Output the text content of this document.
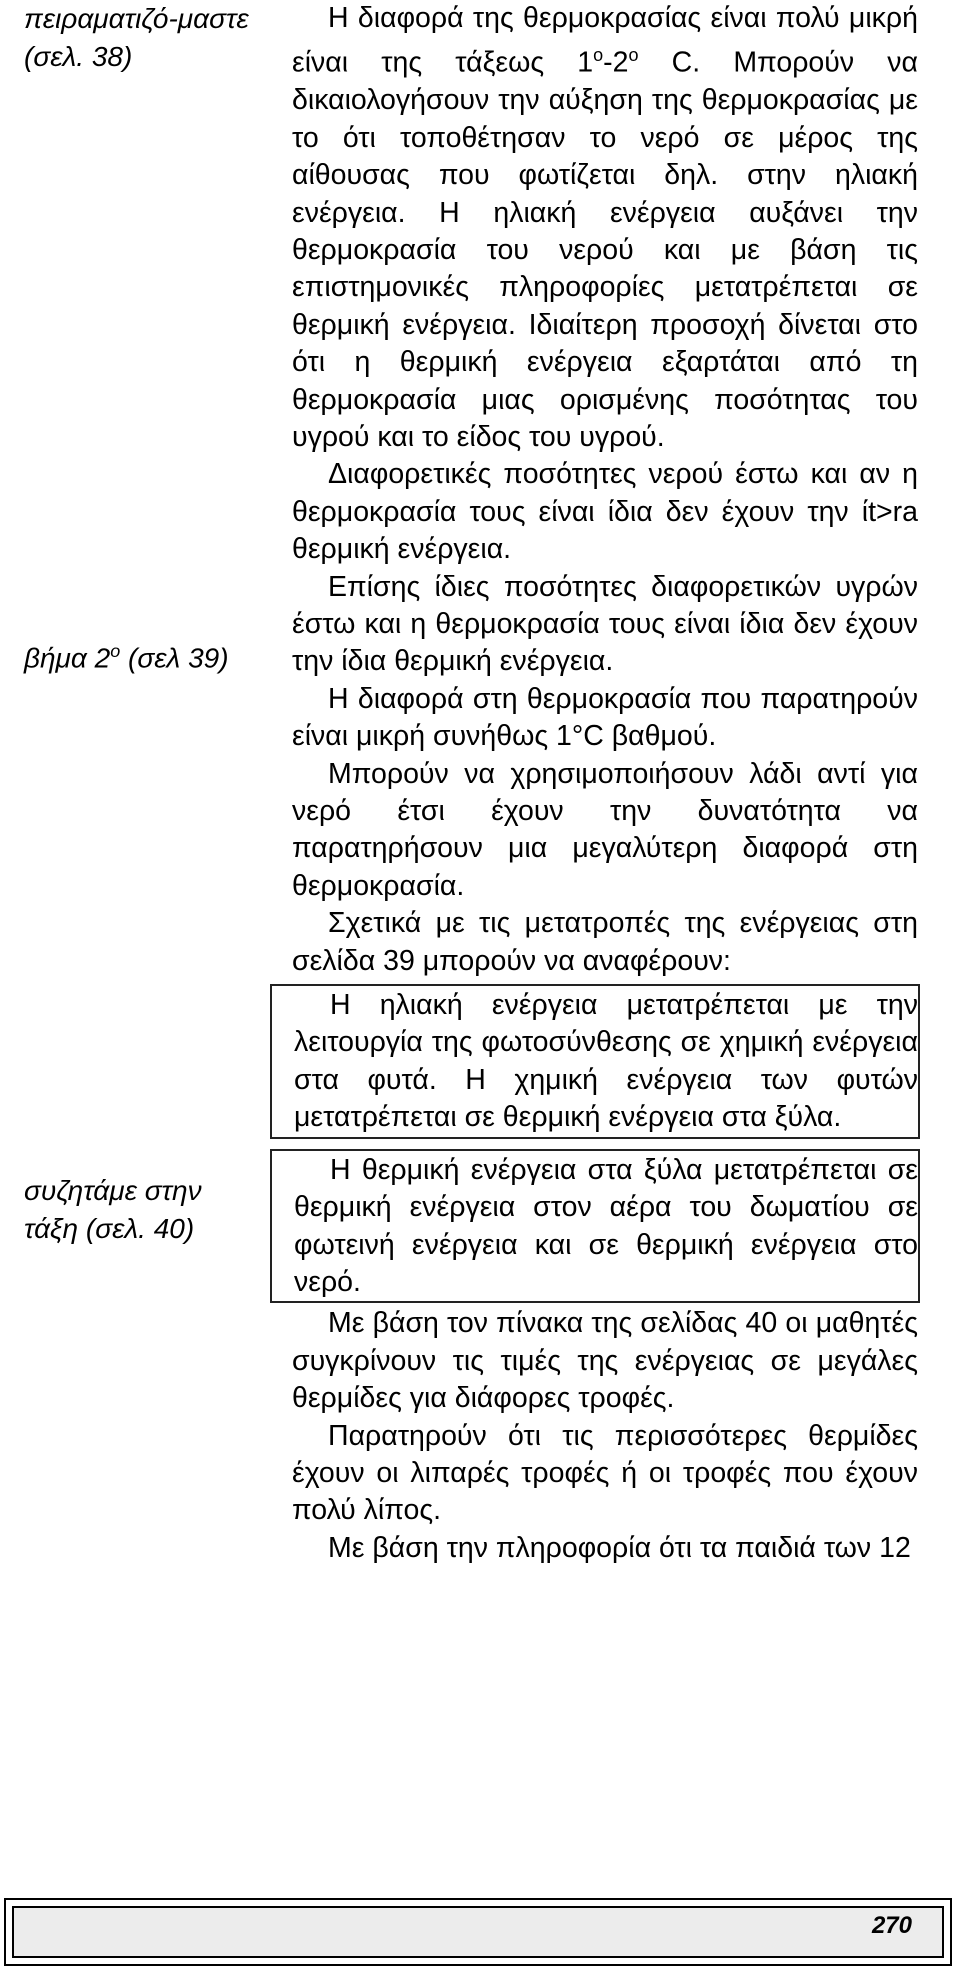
πειραματιζό-μαστε (σελ. 38)
βήμα $2^o$ (σελ 39)
συζητάμε στην τάξη (σελ. 40)

Η διαφορά της θερμοκρασίας είναι πολύ μικρή είναι της τάξεως $1^o-2^o$ C. Μπορούν να δικαιολογήσουν την αύξηση της θερμοκρασίας με το ότι τοποθέτησαν το νερό σε μέρος της αίθουσας που φωτίζεται δηλ. στην ηλιακή ενέργεια. Η ηλιακή ενέργεια αυξάνει την θερμοκρασία του νερού και με βάση τις επιστημονικές πληροφορίες μετατρέπεται σε θερμική ενέργεια. Ιδιαίτερη προσοχή δίνεται στο ότι η θερμική ενέργεια εξαρτάται από τη θερμοκρασία μιας ορισμένης ποσότητας του υγρού και το είδος του υγρού.

Διαφορετικές ποσότητες νερού έστω και αν η θερμοκρασία τους είναι ίδια δεν έχουν την ίt>ra θερμική ενέργεια.

Επίσης ίδιες ποσότητες διαφορετικών υγρών έστω και η θερμοκρασία τους είναι ίδια δεν έχουν την ίδια θερμική ενέργεια.

Η διαφορά στη θερμοκρασία που παρατηρούν είναι μικρή συνήθως 1°C βαθμού.

Μπορούν να χρησιμοποιήσουν λάδι αντί για νερό έτσι έχουν την δυνατότητα να παρατηρήσουν μια μεγαλύτερη διαφορά στη θερμοκρασία.

Σχετικά με τις μετατροπές της ενέργειας στη σελίδα 39 μπορούν να αναφέρουν:

Η ηλιακή ενέργεια μετατρέπεται με την λειτουργία της φωτοσύνθεσης σε χημική ενέργεια στα φυτά. Η χημική ενέργεια των φυτών μετατρέπεται σε θερμική ενέργεια στα ξύλα.

Η θερμική ενέργεια στα ξύλα μετατρέπεται σε θερμική ενέργεια στον αέρα του δωματίου σε φωτεινή ενέργεια και σε θερμική ενέργεια στο νερό.

Με βάση τον πίνακα της σελίδας 40 οι μαθητές συγκρίνουν τις τιμές της ενέργειας σε μεγάλες θερμίδες για διάφορες τροφές.

Παρατηρούν ότι τις περισσότερες θερμίδες έχουν οι λιπαρές τροφές ή οι τροφές που έχουν πολύ λίπος.

Με βάση την πληροφορία ότι τα παιδιά των 12

270
